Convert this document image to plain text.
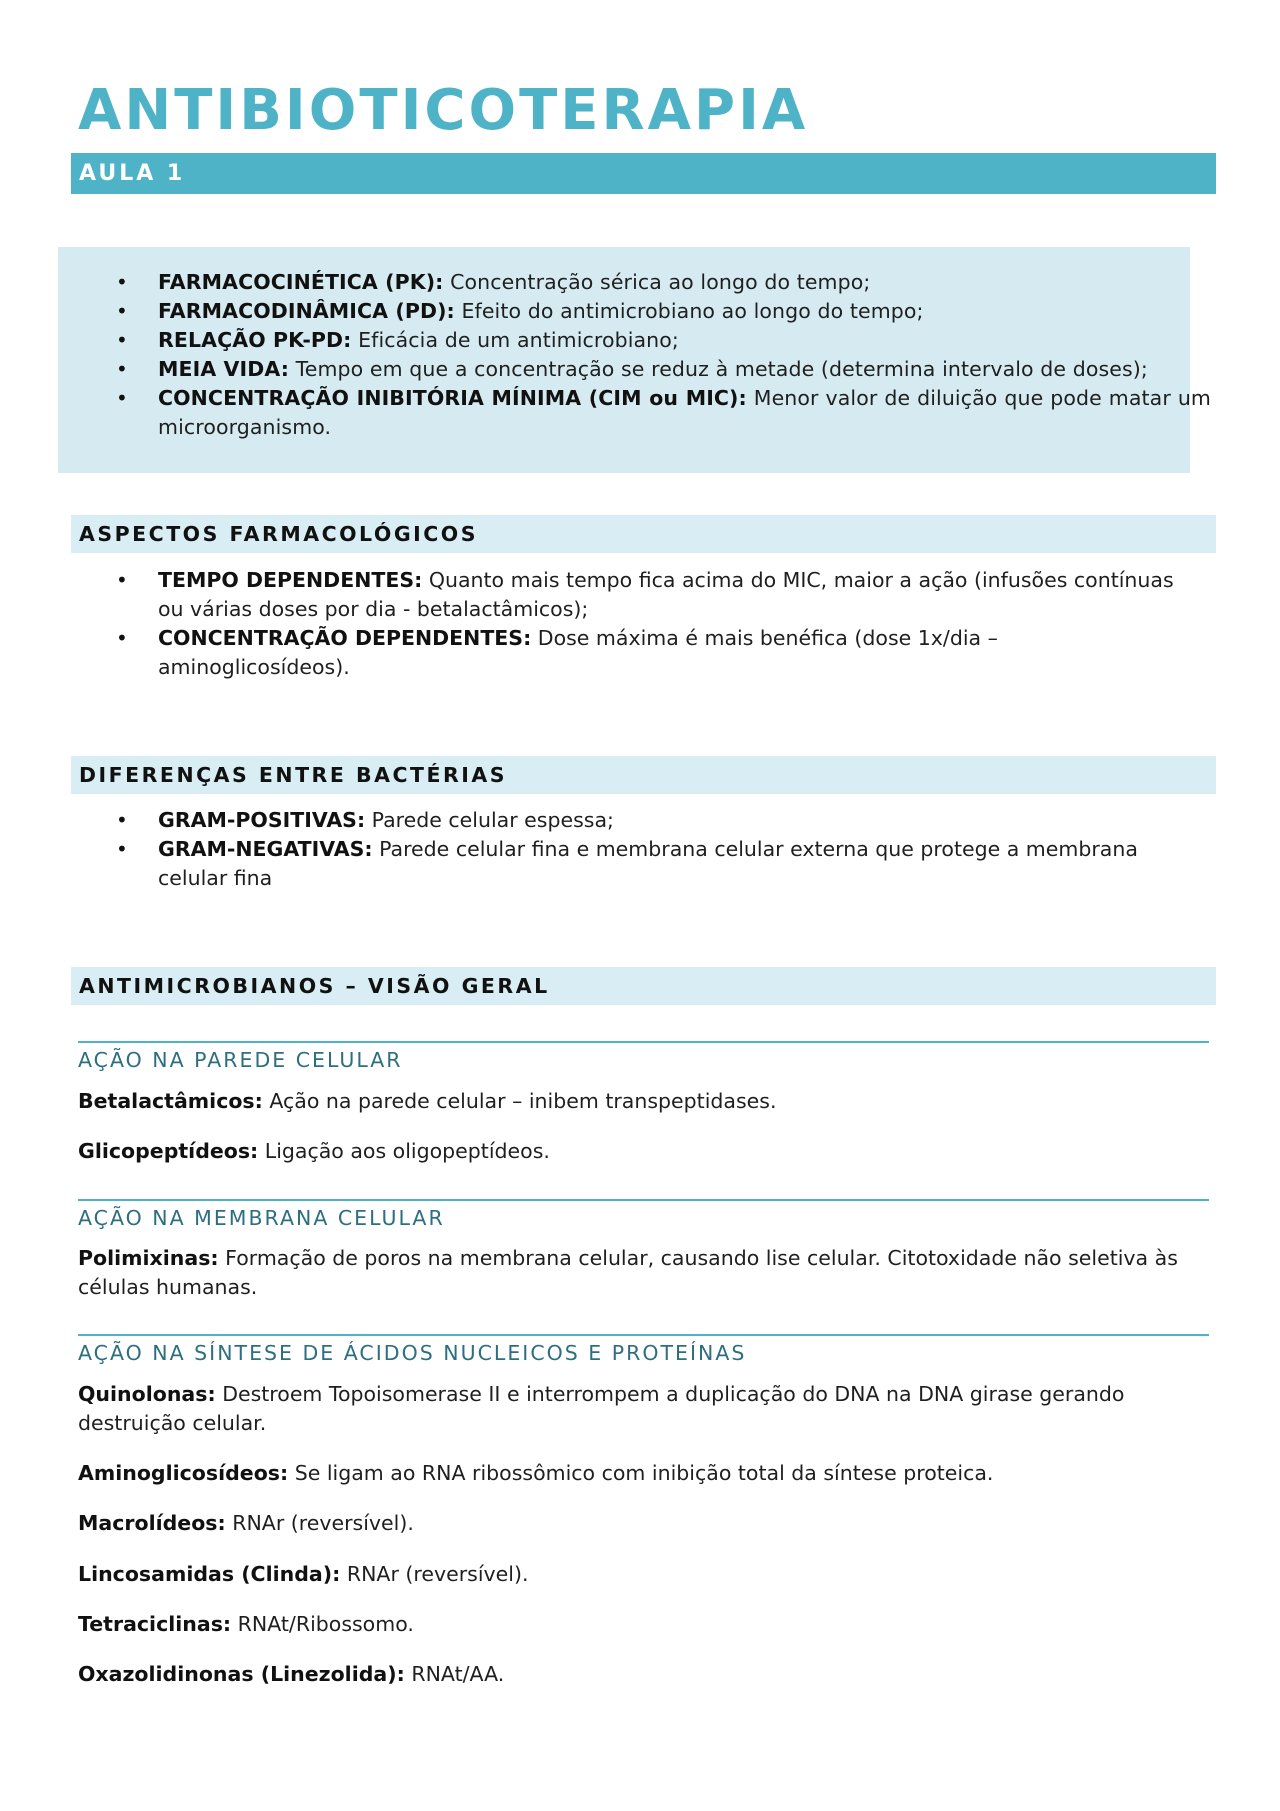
ANTIBIOTICOTERAPIA
AULA 1
• FARMACOCINÉTICA (PK): Concentração sérica ao longo do tempo;
• FARMACODINÂMICA (PD): Efeito do antimicrobiano ao longo do tempo;
• RELAÇÃO PK-PD: Eficácia de um antimicrobiano;
• MEIA VIDA: Tempo em que a concentração se reduz à metade (determina intervalo de doses);
• CONCENTRAÇÃO INIBITÓRIA MÍNIMA (CIM ou MIC): Menor valor de diluição que pode matar um microorganismo.
ASPECTOS FARMACOLÓGICOS
• TEMPO DEPENDENTES: Quanto mais tempo fica acima do MIC, maior a ação (infusões contínuas ou várias doses por dia - betalactâmicos);
• CONCENTRAÇÃO DEPENDENTES: Dose máxima é mais benéfica (dose 1x/dia – aminoglicosídeos).
DIFERENÇAS ENTRE BACTÉRIAS
• GRAM-POSITIVAS: Parede celular espessa;
• GRAM-NEGATIVAS: Parede celular fina e membrana celular externa que protege a membrana celular fina
ANTIMICROBIANOS – VISÃO GERAL
AÇÃO NA PAREDE CELULAR
Betalactâmicos: Ação na parede celular – inibem transpeptidases.
Glicopeptídeos: Ligação aos oligopeptídeos.
AÇÃO NA MEMBRANA CELULAR
Polimixinas: Formação de poros na membrana celular, causando lise celular. Citotoxidade não seletiva às células humanas.
AÇÃO NA SÍNTESE DE ÁCIDOS NUCLEICOS E PROTEÍNAS
Quinolonas: Destroem Topoisomerase II e interrompem a duplicação do DNA na DNA girase gerando destruição celular.
Aminoglicosídeos: Se ligam ao RNA ribossômico com inibição total da síntese proteica.
Macrolídeos: RNAr (reversível).
Lincosamidas (Clinda): RNAr (reversível).
Tetraciclinas: RNAt/Ribossomo.
Oxazolidinonas (Linezolida): RNAt/AA.
